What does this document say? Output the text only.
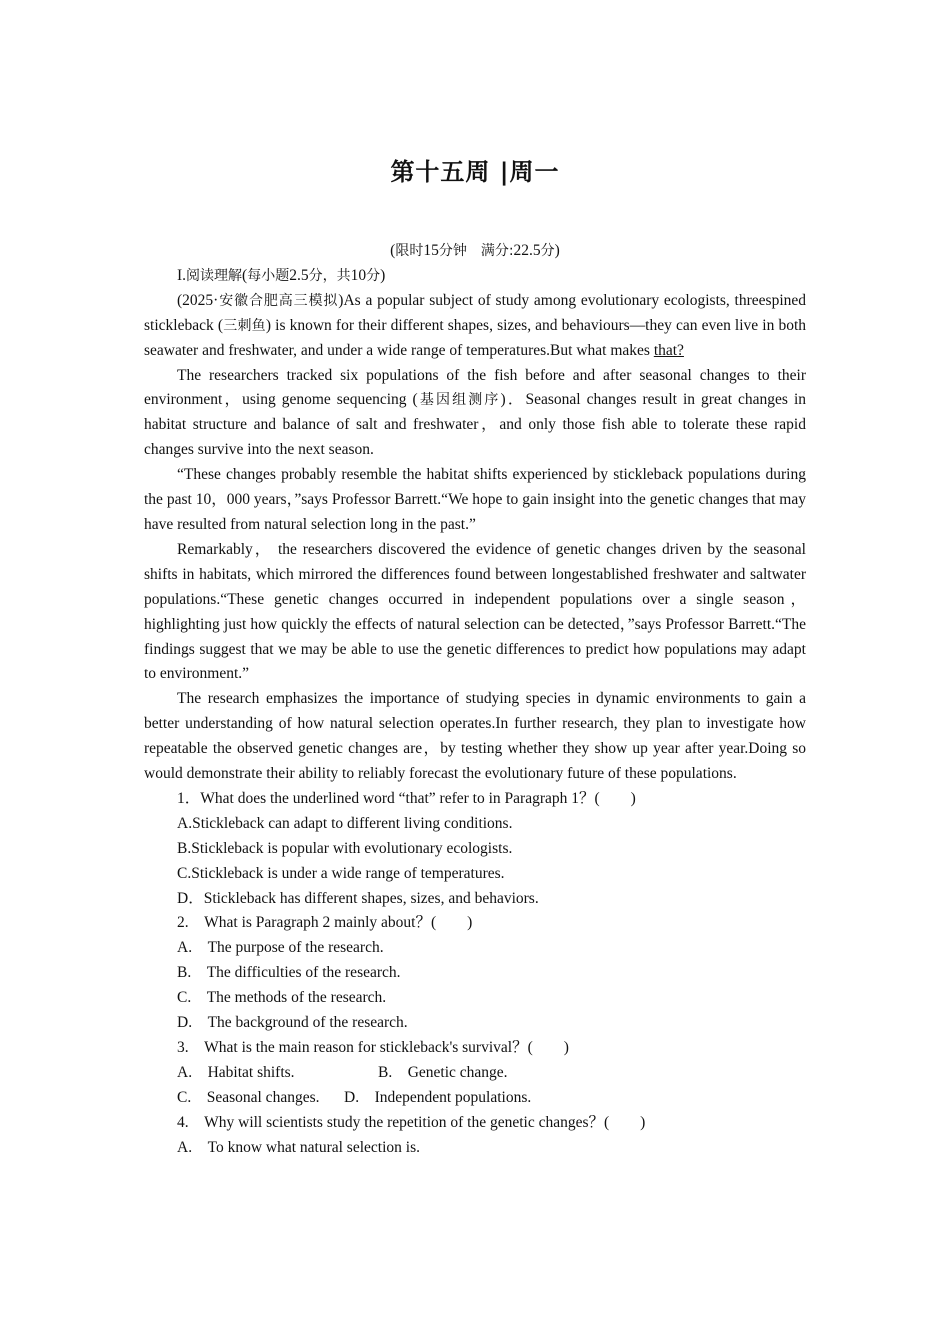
第十五周 |周一

(限时15分钟　满分:22.5分)

I.阅读理解(每小题2.5分，共10分)

(2025·安徽合肥高三模拟)As a popular subject of study among evolutionary ecologists, threespined stickleback (三刺鱼) is known for their different shapes, sizes, and behaviours—they can even live in both seawater and freshwater, and under a wide range of temperatures.But what makes that?

The researchers tracked six populations of the fish before and after seasonal changes to their environment，using genome sequencing (基因组测序)．Seasonal changes result in great changes in habitat structure and balance of salt and freshwater，and only those fish able to tolerate these rapid changes survive into the next season.

“These changes probably resemble the habitat shifts experienced by stickleback populations during the past 10，000 years，”says Professor Barrett.“We hope to gain insight into the genetic changes that may have resulted from natural selection long in the past.”

Remarkably， the researchers discovered the evidence of genetic changes driven by the seasonal shifts in habitats, which mirrored the differences found between longestablished freshwater and saltwater populations.“These genetic changes occurred in independent populations over a single season， highlighting just how quickly the effects of natural selection can be detected，”says Professor Barrett.“The findings suggest that we may be able to use the genetic differences to predict how populations may adapt to environment.”

The research emphasizes the importance of studying species in dynamic environments to gain a better understanding of how natural selection operates.In further research, they plan to investigate how repeatable the observed genetic changes are，by testing whether they show up year after year.Doing so would demonstrate their ability to reliably forecast the evolutionary future of these populations.

1．What does the underlined word “that” refer to in Paragraph 1？(　　)

A.Stickleback can adapt to different living conditions.

B.Stickleback is popular with evolutionary ecologists.

C.Stickleback is under a wide range of temperatures.

D．Stickleback has different shapes, sizes, and behaviors.

2.　What is Paragraph 2 mainly about？(　　)

A.　The purpose of the research.

B.　The difficulties of the research.

C.　The methods of the research.

D.　The background of the research.

3.　What is the main reason for stickleback's survival？(　　)

A.　Habitat shifts.	B.　Genetic change.

C.　Seasonal changes. D.　Independent populations.

4.　Why will scientists study the repetition of the genetic changes？(　　)

A.　To know what natural selection is.
